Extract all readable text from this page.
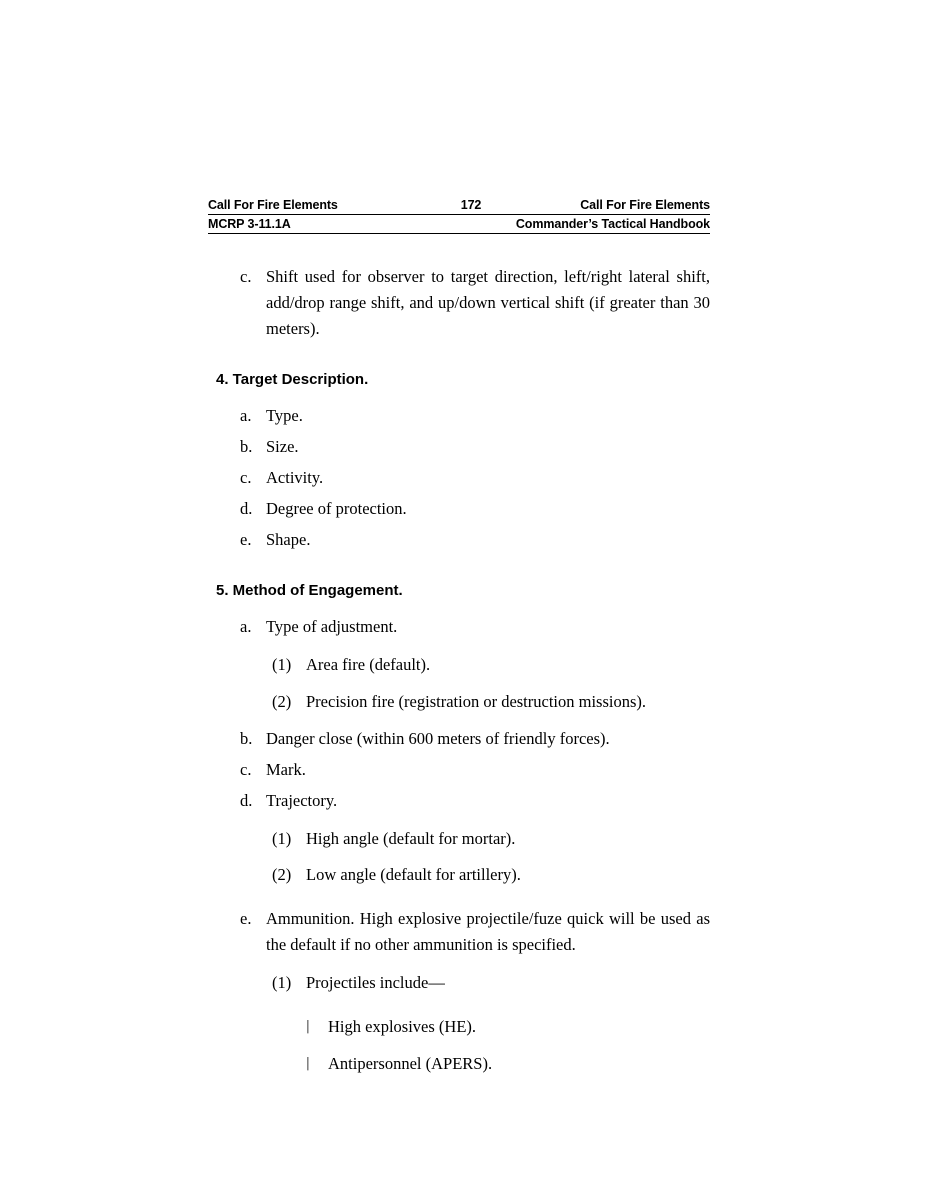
Call For Fire Elements	172	Call For Fire Elements
MCRP 3-11.1A	Commander’s Tactical Handbook
c. Shift used for observer to target direction, left/right lateral shift, add/drop range shift, and up/down vertical shift (if greater than 30 meters).
4. Target Description.
a. Type.
b. Size.
c. Activity.
d. Degree of protection.
e. Shape.
5. Method of Engagement.
a. Type of adjustment.
(1) Area fire (default).
(2) Precision fire (registration or destruction missions).
b. Danger close (within 600 meters of friendly forces).
c. Mark.
d. Trajectory.
(1) High angle (default for mortar).
(2) Low angle (default for artillery).
e. Ammunition. High explosive projectile/fuze quick will be used as the default if no other ammunition is specified.
(1) Projectiles include—
│ High explosives (HE).
│ Antipersonnel (APERS).
